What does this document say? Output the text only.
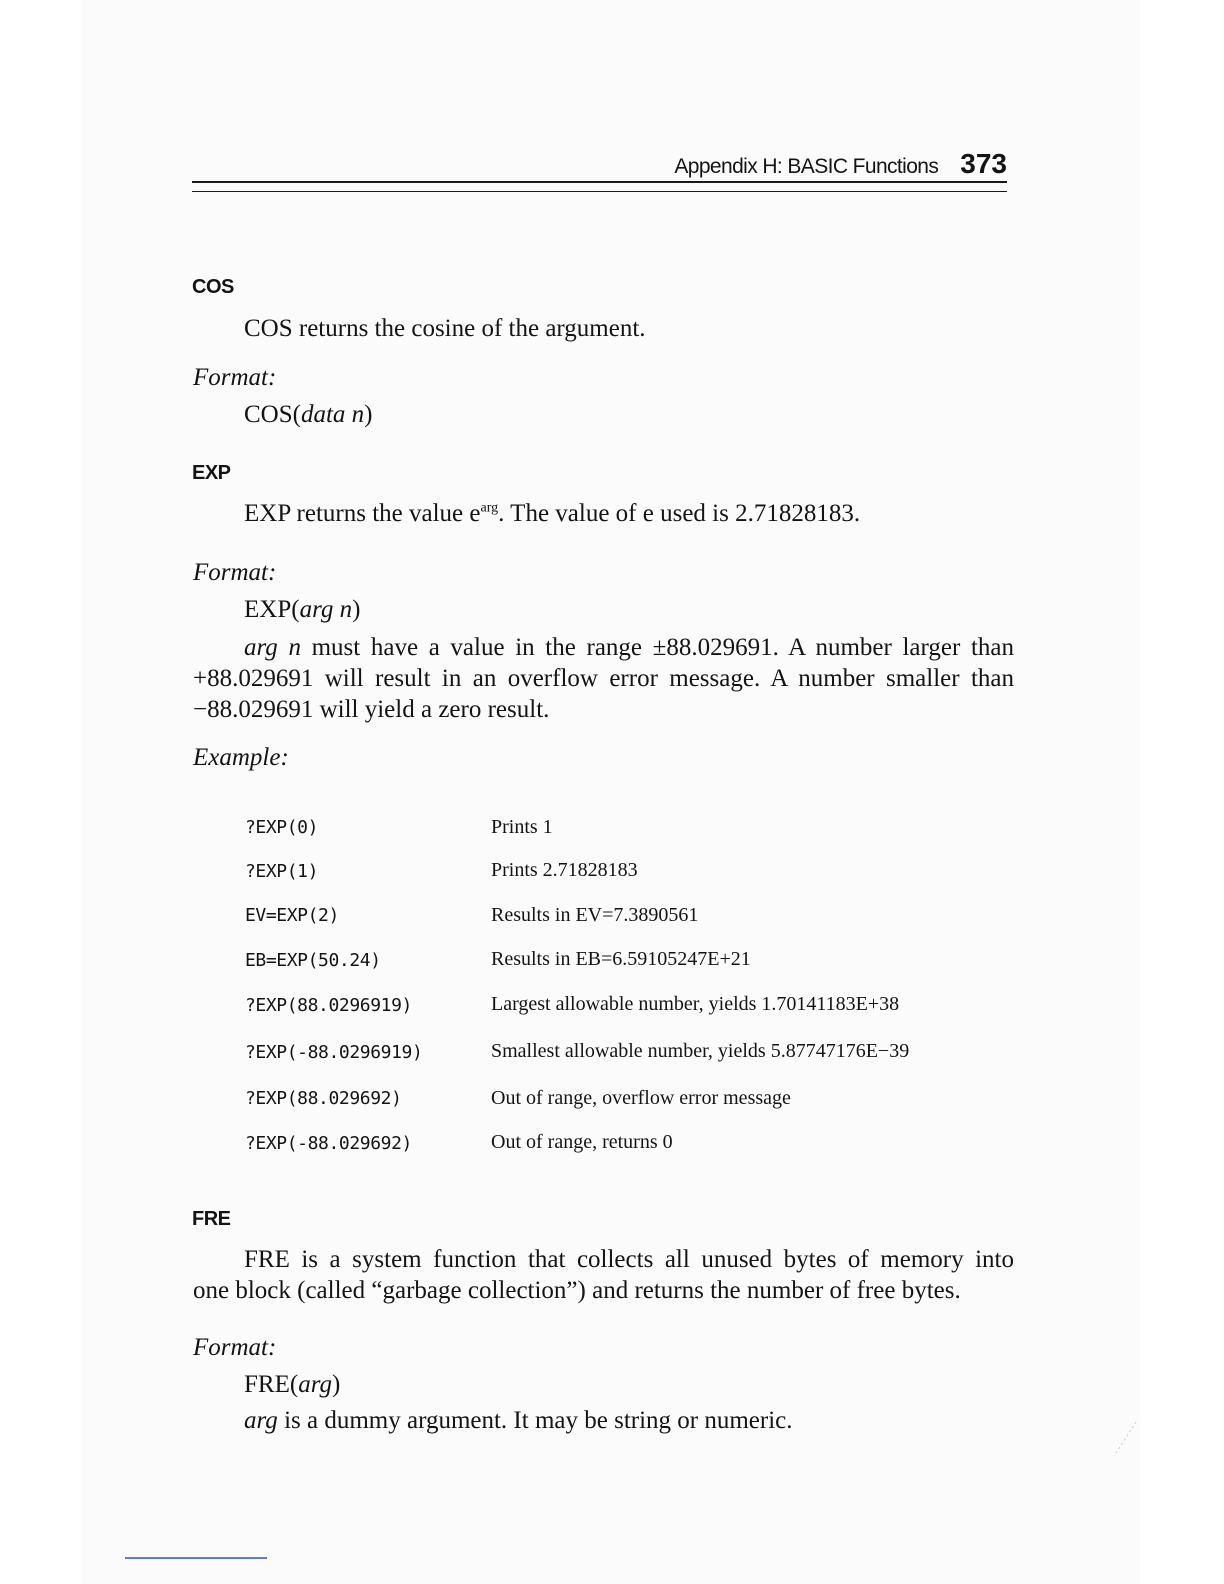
Appendix H: BASIC Functions 373
COS
COS returns the cosine of the argument.
Format:
COS(data n)
EXP
EXP returns the value $e^{arg}$. The value of e used is 2.71828183.
Format:
EXP(arg n)
arg n must have a value in the range ±88.029691. A number larger than
+88.029691 will result in an overflow error message. A number smaller than
−88.029691 will yield a zero result.
Example:
?EXP(0)	Prints 1
?EXP(1)	Prints 2.71828183
EV=EXP(2)	Results in EV=7.3890561
EB=EXP(50.24)	Results in EB=6.59105247E+21
?EXP(88.0296919)	Largest allowable number, yields 1.70141183E+38
?EXP(-88.0296919)	Smallest allowable number, yields 5.87747176E−39
?EXP(88.029692)	Out of range, overflow error message
?EXP(-88.029692)	Out of range, returns 0
FRE
FRE is a system function that collects all unused bytes of memory into
one block (called “garbage collection”) and returns the number of free bytes.
Format:
FRE(arg)
arg is a dummy argument. It may be string or numeric.
